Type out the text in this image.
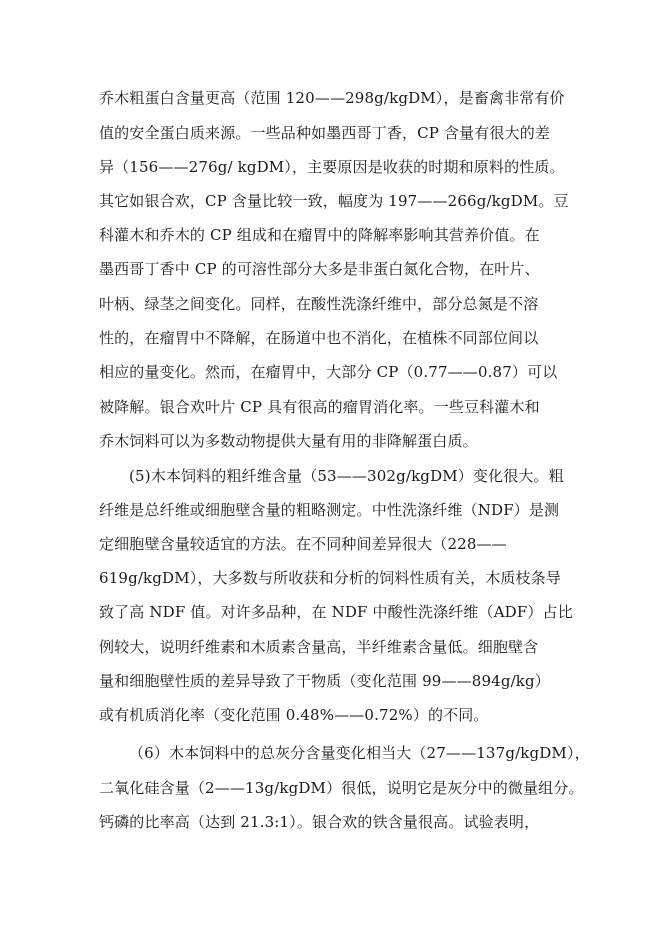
乔木粗蛋白含量更高（范围 120——298g/kgDM），是畜禽非常有价
值的安全蛋白质来源。一些品种如墨西哥丁香，CP 含量有很大的差
异（156——276g/ kgDM），主要原因是收获的时期和原料的性质。
其它如银合欢，CP 含量比较一致，幅度为 197——266g/kgDM。豆
科灌木和乔木的 CP 组成和在瘤胃中的降解率影响其营养价值。在
墨西哥丁香中 CP 的可溶性部分大多是非蛋白氮化合物，在叶片、
叶柄、绿茎之间变化。同样，在酸性洗涤纤维中，部分总氮是不溶
性的，在瘤胃中不降解，在肠道中也不消化，在植株不同部位间以
相应的量变化。然而，在瘤胃中，大部分 CP（0.77——0.87）可以
被降解。银合欢叶片 CP 具有很高的瘤胃消化率。一些豆科灌木和
乔木饲料可以为多数动物提供大量有用的非降解蛋白质。
(5)木本饲料的粗纤维含量（53——302g/kgDM）变化很大。粗
纤维是总纤维或细胞壁含量的粗略测定。中性洗涤纤维（NDF）是测
定细胞壁含量较适宜的方法。在不同种间差异很大（228——
619g/kgDM），大多数与所收获和分析的饲料性质有关，木质枝条导
致了高 NDF 值。对许多品种，在 NDF 中酸性洗涤纤维（ADF）占比
例较大，说明纤维素和木质素含量高，半纤维素含量低。细胞壁含
量和细胞壁性质的差异导致了干物质（变化范围 99——894g/kg）
或有机质消化率（变化范围 0.48%——0.72%）的不同。
（6）木本饲料中的总灰分含量变化相当大（27——137g/kgDM），
二氧化硅含量（2——13g/kgDM）很低，说明它是灰分中的微量组分。
钙磷的比率高（达到 21.3:1）。银合欢的铁含量很高。试验表明，
